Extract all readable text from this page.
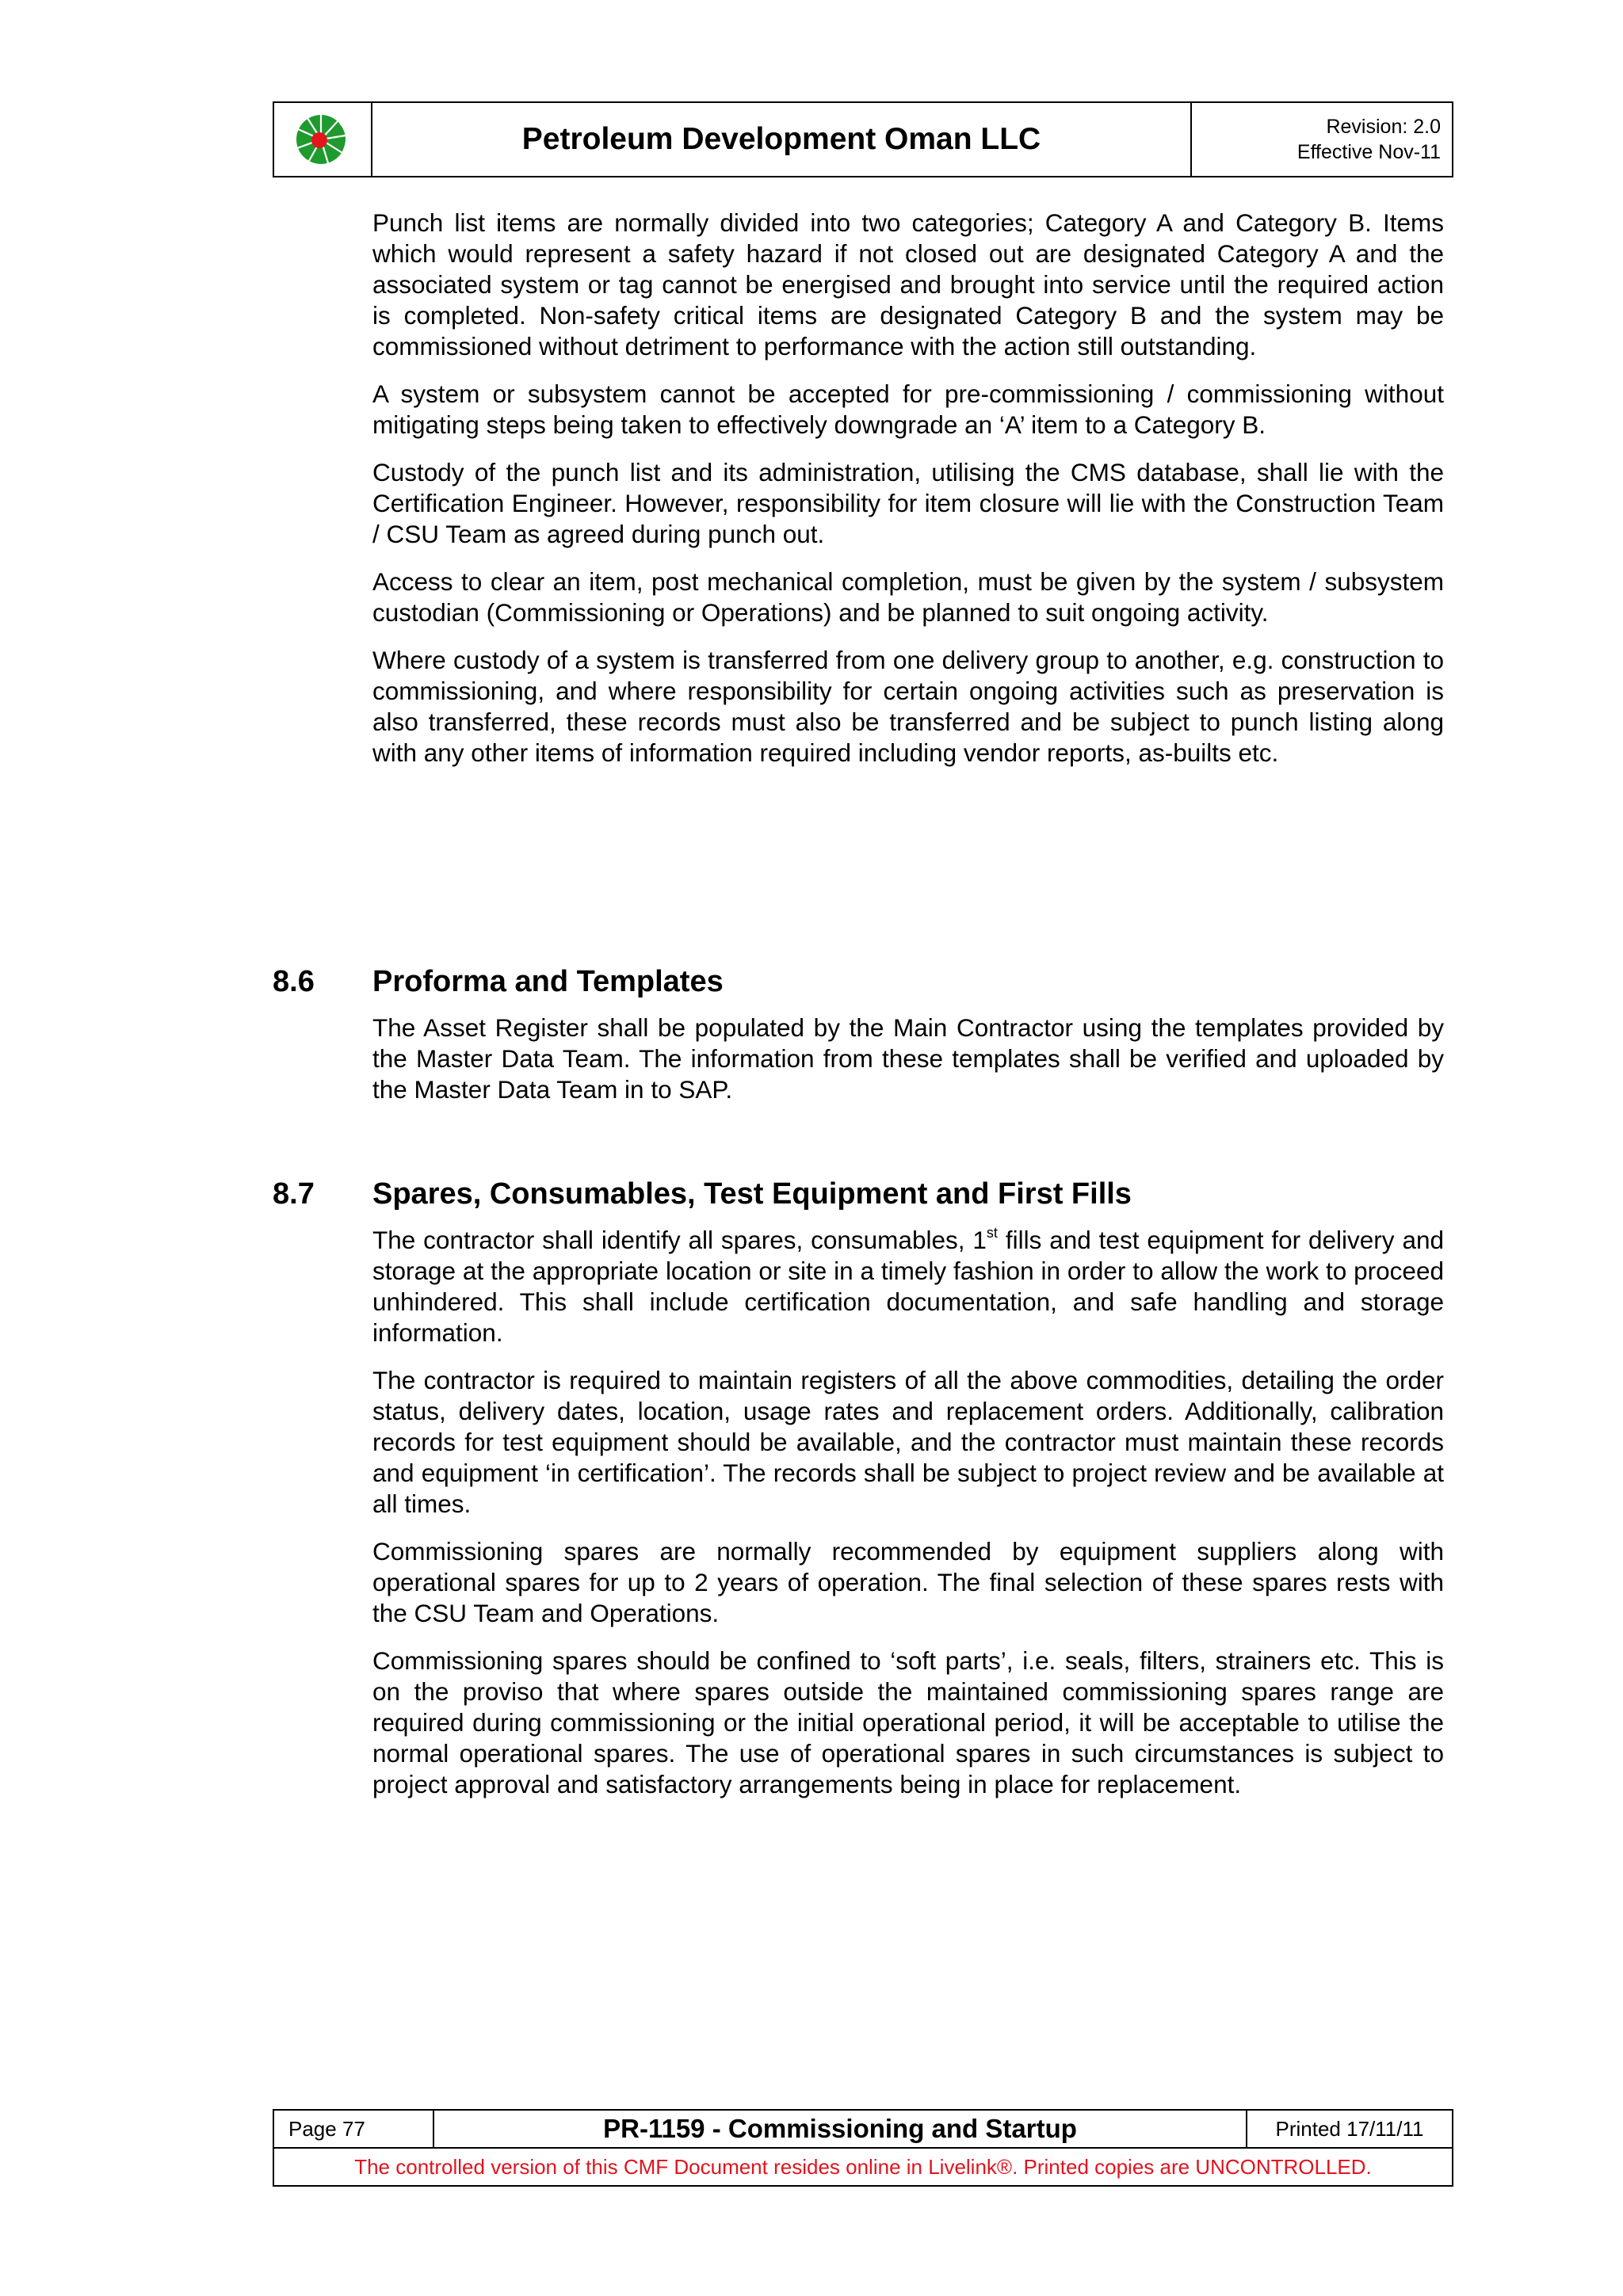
Petroleum Development Oman LLC	Revision: 2.0
Effective Nov-11

Punch list items are normally divided into two categories; Category A and Category B. Items which would represent a safety hazard if not closed out are designated Category A and the associated system or tag cannot be energised and brought into service until the required action is completed. Non-safety critical items are designated Category B and the system may be commissioned without detriment to performance with the action still outstanding.

A system or subsystem cannot be accepted for pre-commissioning / commissioning without mitigating steps being taken to effectively downgrade an ‘A’ item to a Category B.

Custody of the punch list and its administration, utilising the CMS database, shall lie with the Certification Engineer. However, responsibility for item closure will lie with the Construction Team / CSU Team as agreed during punch out.

Access to clear an item, post mechanical completion, must be given by the system / subsystem custodian (Commissioning or Operations) and be planned to suit ongoing activity.

Where custody of a system is transferred from one delivery group to another, e.g. construction to commissioning, and where responsibility for certain ongoing activities such as preservation is also transferred, these records must also be transferred and be subject to punch listing along with any other items of information required including vendor reports, as-builts etc.

8.6	Proforma and Templates

The Asset Register shall be populated by the Main Contractor using the templates provided by the Master Data Team. The information from these templates shall be verified and uploaded by the Master Data Team in to SAP.

8.7	Spares, Consumables, Test Equipment and First Fills

The contractor shall identify all spares, consumables, 1st fills and test equipment for delivery and storage at the appropriate location or site in a timely fashion in order to allow the work to proceed unhindered. This shall include certification documentation, and safe handling and storage information.

The contractor is required to maintain registers of all the above commodities, detailing the order status, delivery dates, location, usage rates and replacement orders. Additionally, calibration records for test equipment should be available, and the contractor must maintain these records and equipment ‘in certification’. The records shall be subject to project review and be available at all times.

Commissioning spares are normally recommended by equipment suppliers along with operational spares for up to 2 years of operation. The final selection of these spares rests with the CSU Team and Operations.

Commissioning spares should be confined to ‘soft parts’, i.e. seals, filters, strainers etc. This is on the proviso that where spares outside the maintained commissioning spares range are required during commissioning or the initial operational period, it will be acceptable to utilise the normal operational spares. The use of operational spares in such circumstances is subject to project approval and satisfactory arrangements being in place for replacement.

Page 77	PR-1159 - Commissioning and Startup	Printed 17/11/11
The controlled version of this CMF Document resides online in Livelink®. Printed copies are UNCONTROLLED.
